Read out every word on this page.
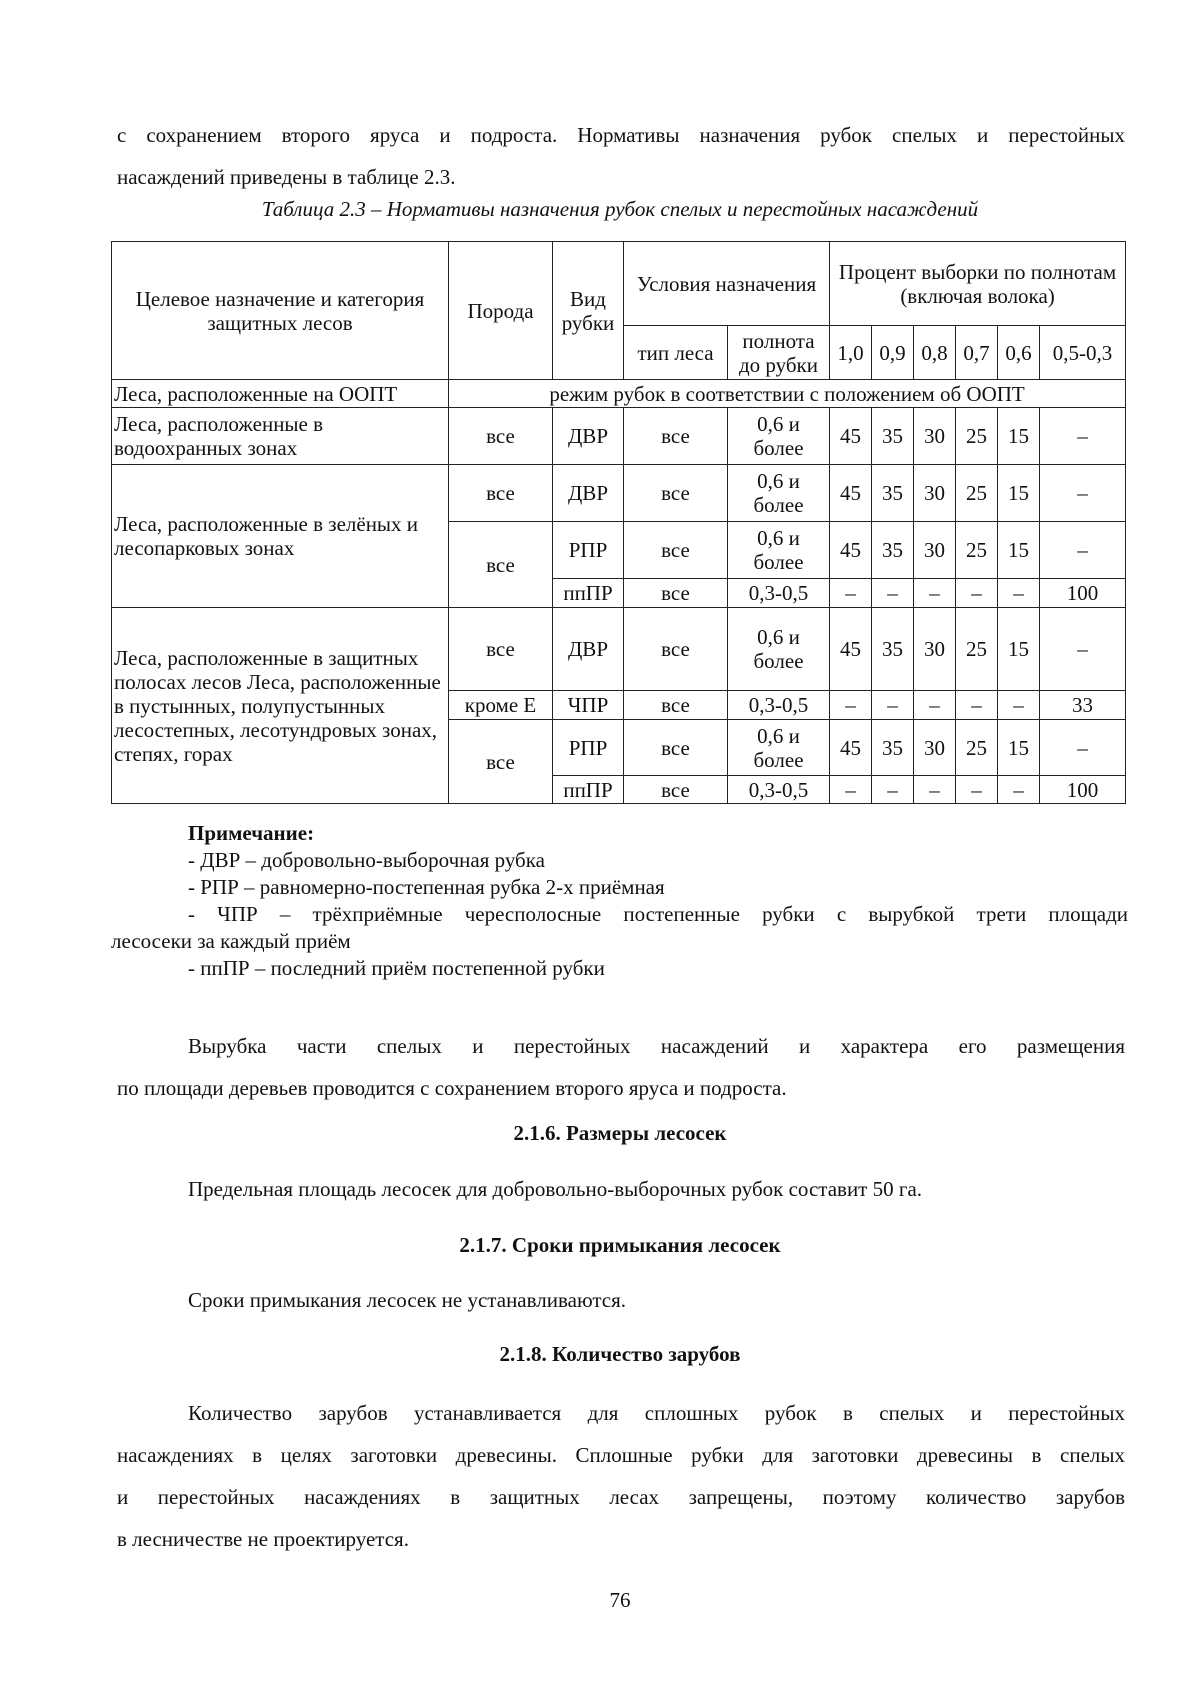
с сохранением второго яруса и подроста. Нормативы назначения рубок спелых и перестойных
насаждений приведены в таблице 2.3.
Таблица 2.3 – Нормативы назначения рубок спелых и перестойных насаждений
Целевое назначение и категория защитных лесов	Порода	Вид рубки	Условия назначения		Процент выборки по полнотам (включая волока)					
			тип леса	полнота до рубки	1,0	0,9	0,8	0,7	0,6	0,5-0,3
Леса, расположенные на ООПТ	режим рубок в соответствии с положением об ООПТ									
Леса, расположенные в водоохранных зонах	все	ДВР	все	0,6 и более	45	35	30	25	15	–
Леса, расположенные в зелёных и лесопарковых зонах	все	ДВР	все	0,6 и более	45	35	30	25	15	–
	все	РПР	все	0,6 и более	45	35	30	25	15	–
		ппПР	все	0,3-0,5	–	–	–	–	–	100
Леса, расположенные в защитных полосах лесов Леса, расположенные в пустынных, полупустынных лесостепных, лесотундровых зонах, степях, горах	все	ДВР	все	0,6 и более	45	35	30	25	15	–
	кроме Е	ЧПР	все	0,3-0,5	–	–	–	–	–	33
	все	РПР	все	0,6 и более	45	35	30	25	15	–
		ппПР	все	0,3-0,5	–	–	–	–	–	100
Примечание:
- ДВР – добровольно-выборочная рубка
- РПР – равномерно-постепенная рубка 2-х приёмная
- ЧПР – трёхприёмные чересполосные постепенные рубки с вырубкой трети площади
лесосеки за каждый приём
- ппПР – последний приём постепенной рубки
Вырубка части спелых и перестойных насаждений и характера его размещения
по площади деревьев проводится с сохранением второго яруса и подроста.
2.1.6. Размеры лесосек
Предельная площадь лесосек для добровольно-выборочных рубок составит 50 га.
2.1.7. Сроки примыкания лесосек
Сроки примыкания лесосек не устанавливаются.
2.1.8. Количество зарубов
Количество зарубов устанавливается для сплошных рубок в спелых и перестойных
насаждениях в целях заготовки древесины. Сплошные рубки для заготовки древесины в спелых
и перестойных насаждениях в защитных лесах запрещены, поэтому количество зарубов
в лесничестве не проектируется.
76
